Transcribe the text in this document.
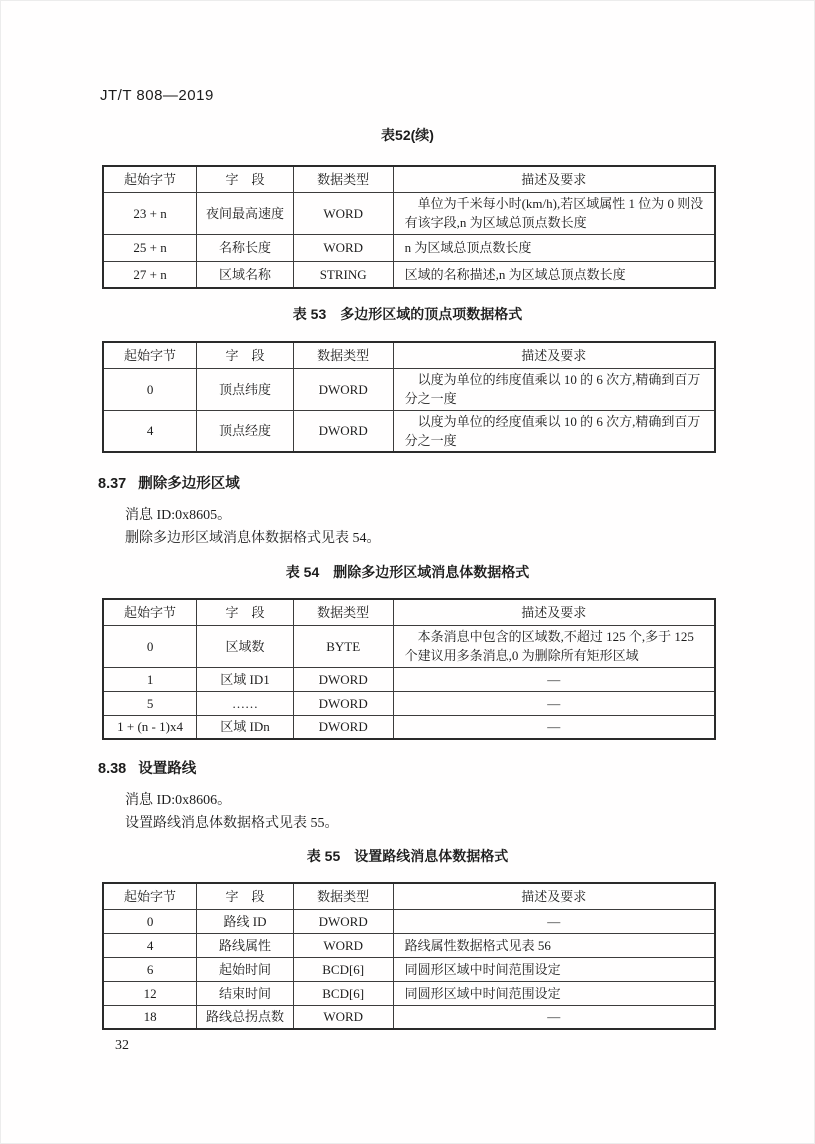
JT/T 808—2019
表52(续)
起始字节	字　段	数据类型	描述及要求
23 + n	夜间最高速度	WORD	单位为千米每小时(km/h),若区域属性 1 位为 0 则没有该字段,n 为区域总顶点数长度
25 + n	名称长度	WORD	n 为区域总顶点数长度
27 + n	区域名称	STRING	区域的名称描述,n 为区域总顶点数长度
表 53　多边形区域的顶点项数据格式
起始字节	字　段	数据类型	描述及要求
0	顶点纬度	DWORD	以度为单位的纬度值乘以 10 的 6 次方,精确到百万分之一度
4	顶点经度	DWORD	以度为单位的经度值乘以 10 的 6 次方,精确到百万分之一度
8.37 删除多边形区域
消息 ID:0x8605。
删除多边形区域消息体数据格式见表 54。
表 54　删除多边形区域消息体数据格式
起始字节	字　段	数据类型	描述及要求
0	区域数	BYTE	本条消息中包含的区域数,不超过 125 个,多于 125 个建议用多条消息,0 为删除所有矩形区域
1	区域 ID1	DWORD	—
5	……	DWORD	—
1 + (n - 1)x4	区域 IDn	DWORD	—
8.38 设置路线
消息 ID:0x8606。
设置路线消息体数据格式见表 55。
表 55　设置路线消息体数据格式
起始字节	字　段	数据类型	描述及要求
0	路线 ID	DWORD	—
4	路线属性	WORD	路线属性数据格式见表 56
6	起始时间	BCD[6]	同圆形区域中时间范围设定
12	结束时间	BCD[6]	同圆形区域中时间范围设定
18	路线总拐点数	WORD	—
32
